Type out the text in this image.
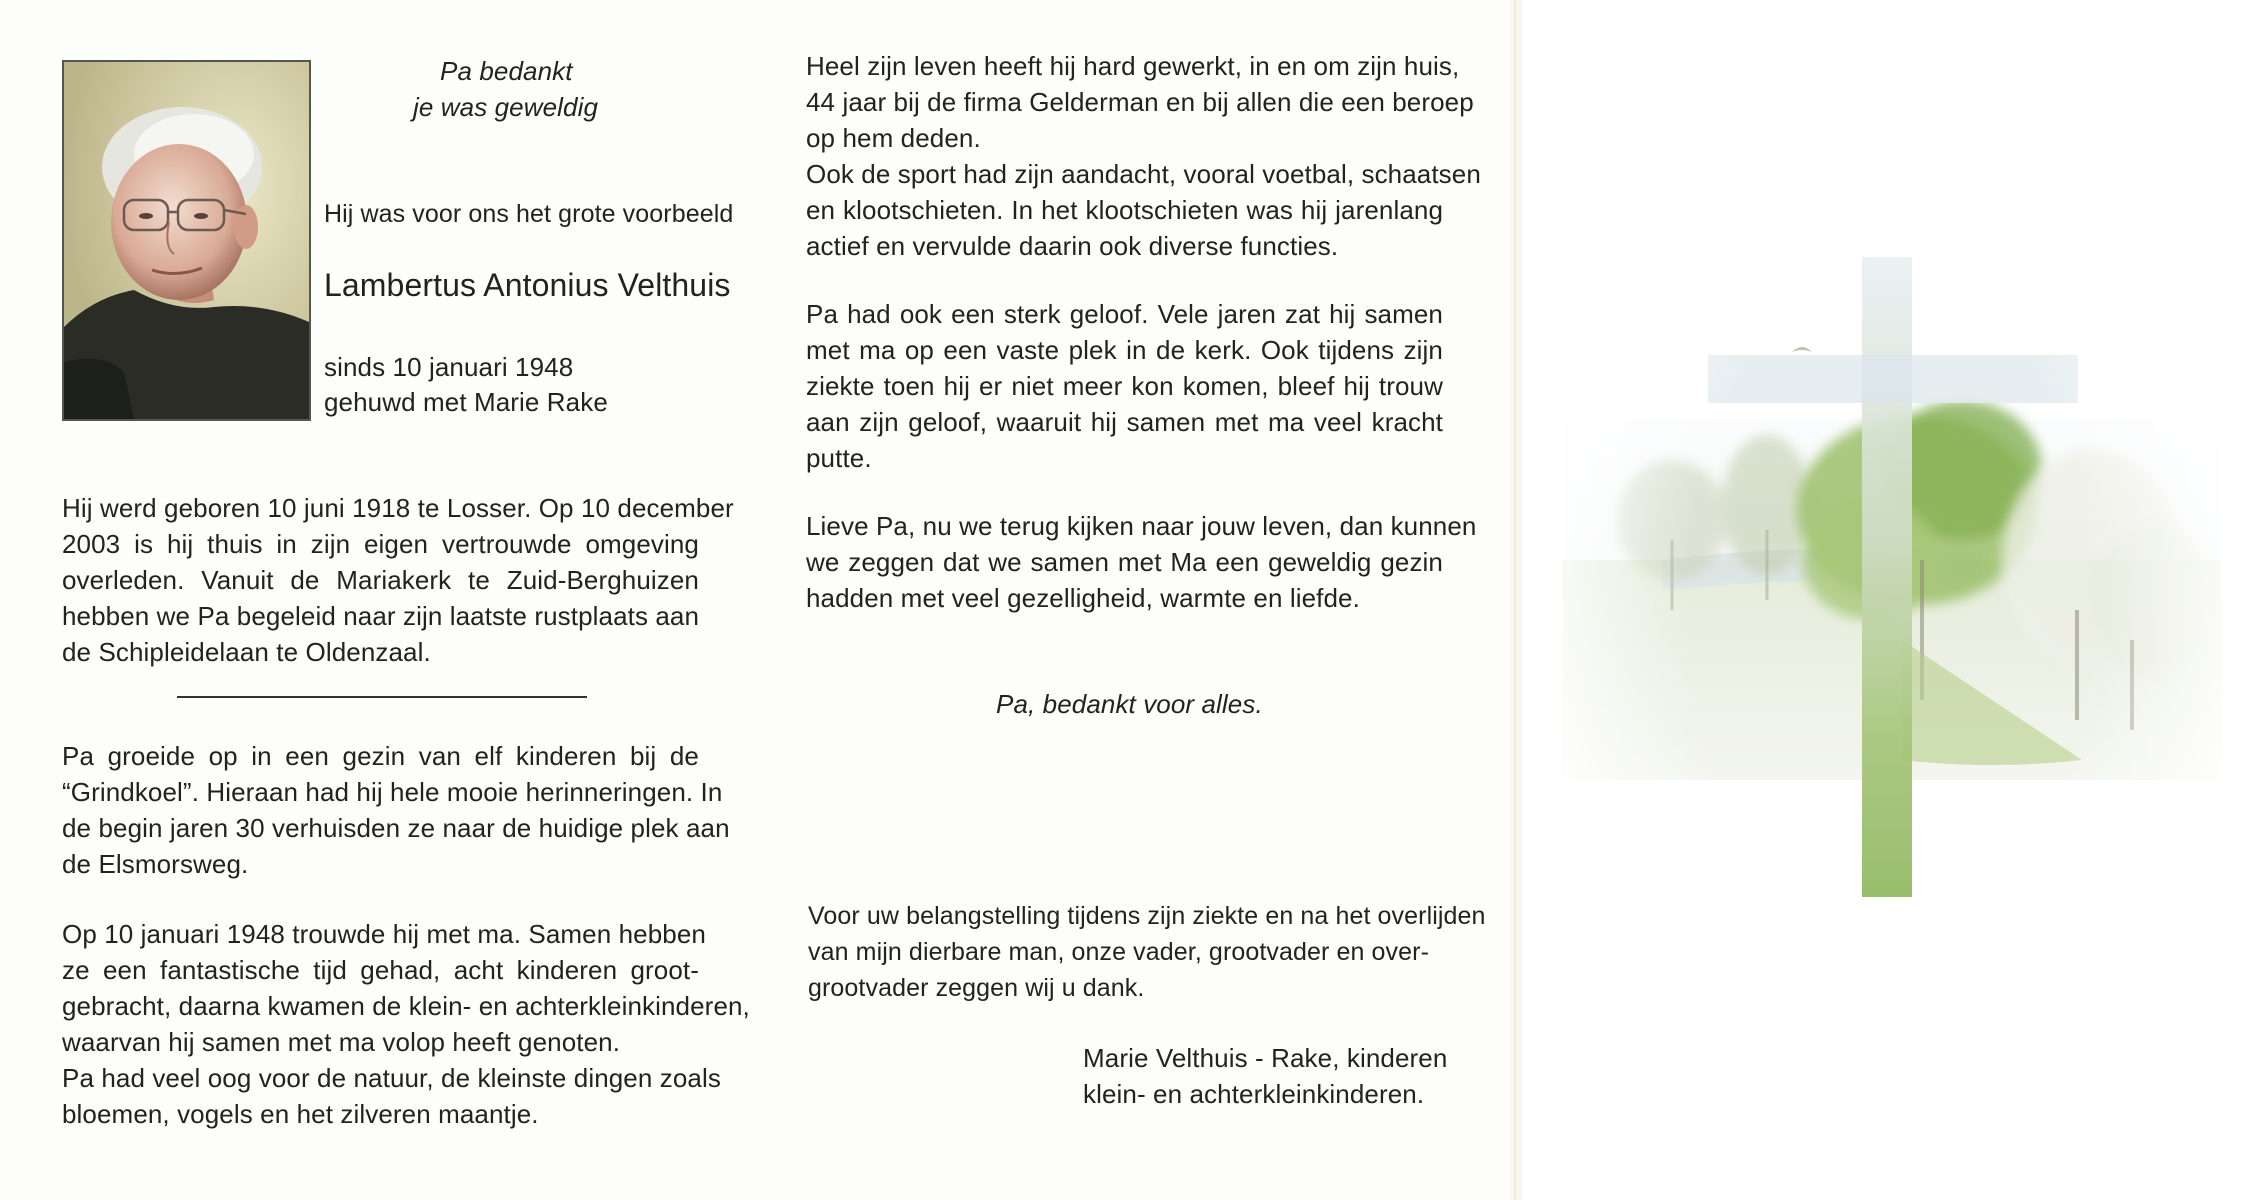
Pa bedankt

je was geweldig

Hij was voor ons het grote voorbeeld

Lambertus Antonius Velthuis

sinds 10 januari 1948

gehuwd met Marie Rake

Hij werd geboren 10 juni 1918 te Losser. Op 10 december
2003 is hij thuis in zijn eigen vertrouwde omgeving
overleden. Vanuit de Mariakerk te Zuid-Berghuizen
hebben we Pa begeleid naar zijn laatste rustplaats aan
de Schipleidelaan te Oldenzaal.
Pa groeide op in een gezin van elf kinderen bij de
“Grindkoel”. Hieraan had hij hele mooie herinneringen. In
de begin jaren 30 verhuisden ze naar de huidige plek aan
de Elsmorsweg.
Op 10 januari 1948 trouwde hij met ma. Samen hebben
ze een fantastische tijd gehad, acht kinderen groot-
gebracht, daarna kwamen de klein- en achterkleinkinderen,
waarvan hij samen met ma volop heeft genoten.
Pa had veel oog voor de natuur, de kleinste dingen zoals
bloemen, vogels en het zilveren maantje.
Heel zijn leven heeft hij hard gewerkt, in en om zijn huis,
44 jaar bij de firma Gelderman en bij allen die een beroep
op hem deden.
Ook de sport had zijn aandacht, vooral voetbal, schaatsen
en klootschieten. In het klootschieten was hij jarenlang
actief en vervulde daarin ook diverse functies.
Pa had ook een sterk geloof. Vele jaren zat hij samen
met ma op een vaste plek in de kerk. Ook tijdens zijn
ziekte toen hij er niet meer kon komen, bleef hij trouw
aan zijn geloof, waaruit hij samen met ma veel kracht
putte.
Lieve Pa, nu we terug kijken naar jouw leven, dan kunnen
we zeggen dat we samen met Ma een geweldig gezin
hadden met veel gezelligheid, warmte en liefde.

Pa, bedankt voor alles.

Voor uw belangstelling tijdens zijn ziekte en na het overlijden
van mijn dierbare man, onze vader, grootvader en over-
grootvader zeggen wij u dank.

Marie Velthuis - Rake, kinderen

klein- en achterkleinkinderen.
